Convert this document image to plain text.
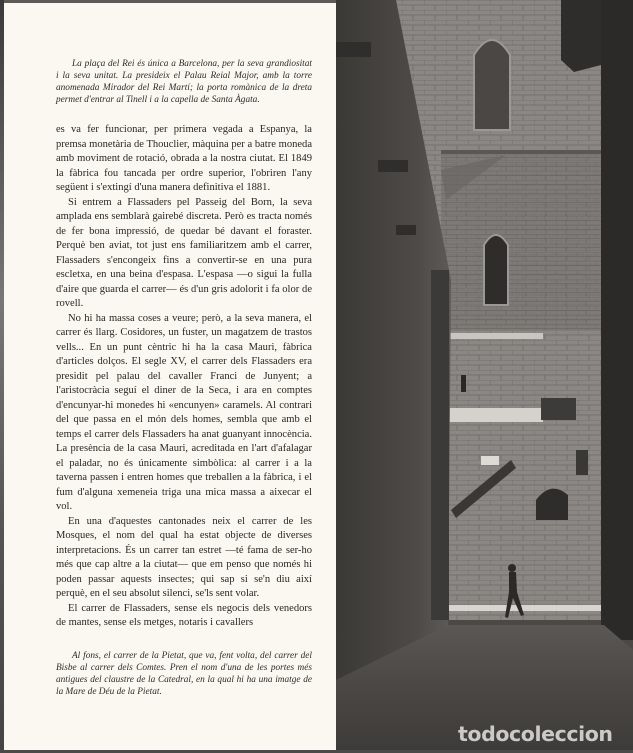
La plaça del Rei és única a Barcelona, per la seva grandiositat i la seva unitat. La presideix el Palau Reial Major, amb la torre anomenada Mirador del Rei Martí; la porta romànica de la dreta permet d'entrar al Tinell i a la capella de Santa Àgata.

es va fer funcionar, per primera vegada a Espanya, la premsa monetària de Thouclier, màquina per a batre moneda amb moviment de rotació, obrada a la nostra ciutat. El 1849 la fàbrica fou tancada per ordre superior, l'obriren l'any següent i s'extingí d'una manera definitiva el 1881.

Si entrem a Flassaders pel Passeig del Born, la seva amplada ens semblarà gairebé discreta. Però es tracta només de fer bona impressió, de quedar bé davant el foraster. Perquè ben aviat, tot just ens familiaritzem amb el carrer, Flassaders s'encongeix fins a convertir-se en una pura escletxa, en una beina d'espasa. L'espasa —o sigui la fulla d'aire que guarda el carrer— és d'un gris adolorit i fa olor de rovell.

No hi ha massa coses a veure; però, a la seva manera, el carrer és llarg. Cosidores, un fuster, un magatzem de trastos vells... En un punt cèntric hi ha la casa Mauri, fàbrica d'articles dolços. El segle XV, el carrer dels Flassaders era presidit pel palau del cavaller Franci de Junyent; a l'aristocràcia seguí el diner de la Seca, i ara en comptes d'encunyar-hi monedes hi «encunyen» caramels. Al contrari del que passa en el món dels homes, sembla que amb el temps el carrer dels Flassaders ha anat guanyant innocència. La presència de la casa Mauri, acreditada en l'art d'afalagar el paladar, no és únicamente simbòlica: al carrer i a la taverna passen i entren homes que treballen a la fàbrica, i el fum d'alguna xemeneia triga una mica massa a aixecar el vol.

En una d'aquestes cantonades neix el carrer de les Mosques, el nom del qual ha estat objecte de diverses interpretacions. És un carrer tan estret —té fama de ser-ho més que cap altre a la ciutat— que em penso que només hi poden passar aquests insectes; qui sap si se'n diu així perquè, en el seu absolut silenci, se'ls sent volar.

El carrer de Flassaders, sense els negocis dels venedors de mantes, sense els metges, notaris i cavallers

Al fons, el carrer de la Pietat, que va, fent volta, del carrer del Bisbe al carrer dels Comtes. Pren el nom d'una de les portes més antigues del claustre de la Catedral, en la qual hi ha una imatge de la Mare de Déu de la Pietat.
todocoleccion
